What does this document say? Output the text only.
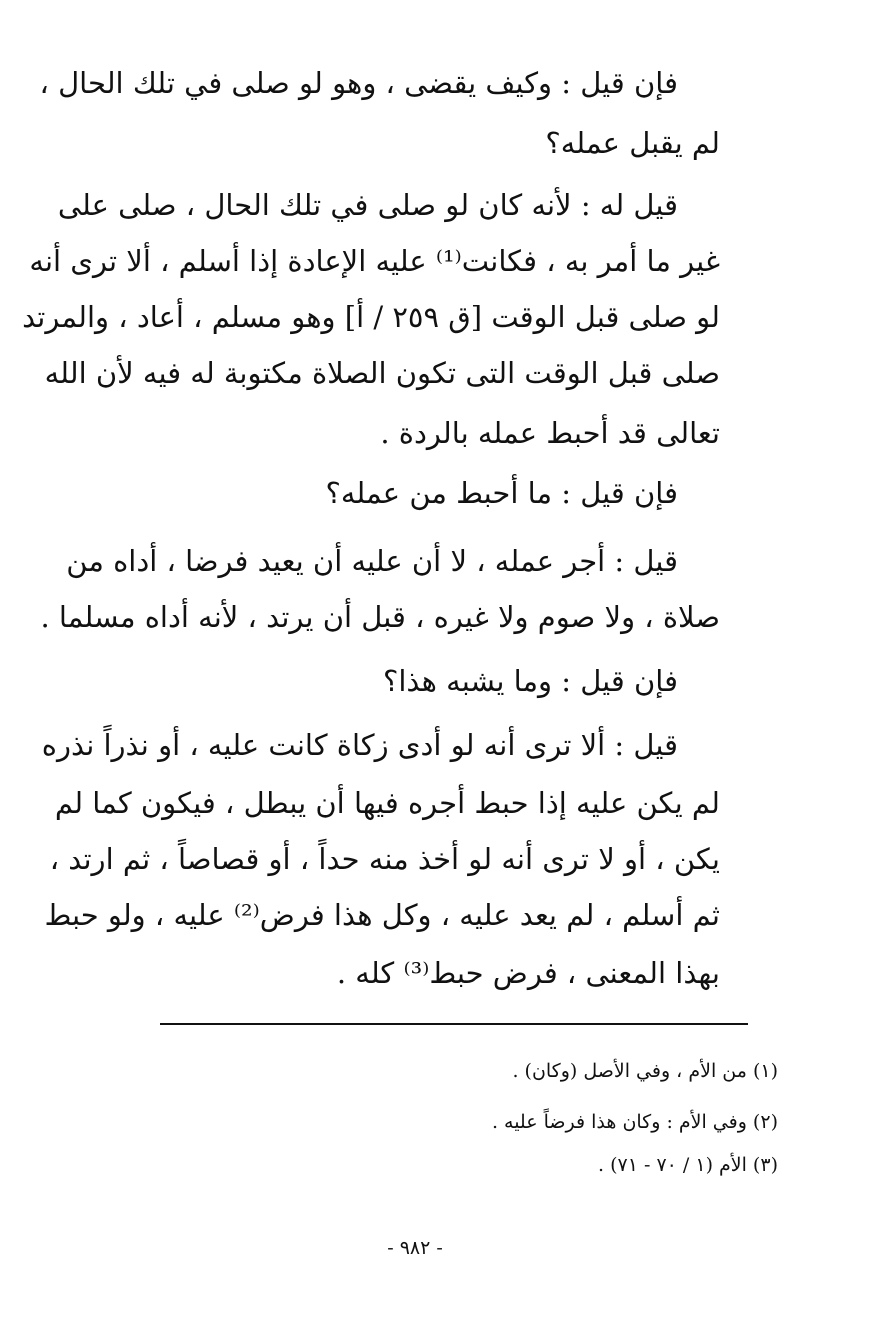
فإن قيل : وكيف يقضى ، وهو لو صلى في تلك الحال ،
لم يقبل عمله؟
قيل له : لأنه كان لو صلى في تلك الحال ، صلى على
غير ما أمر به ، فكانت⁽¹⁾ عليه الإعادة إذا أسلم ، ألا ترى أنه
لو صلى قبل الوقت [ق ٢٥٩ / أ] وهو مسلم ، أعاد ، والمرتد
صلى قبل الوقت التى تكون الصلاة مكتوبة له فيه لأن الله
تعالى قد أحبط عمله بالردة .
فإن قيل : ما أحبط من عمله؟
قيل : أجر عمله ، لا أن عليه أن يعيد فرضا ، أداه من
صلاة ، ولا صوم ولا غيره ، قبل أن يرتد ، لأنه أداه مسلما .
فإن قيل : وما يشبه هذا؟
قيل : ألا ترى أنه لو أدى زكاة كانت عليه ، أو نذراً نذره
لم يكن عليه إذا حبط أجره فيها أن يبطل ، فيكون كما لم
يكن ، أو لا ترى أنه لو أخذ منه حداً ، أو قصاصاً ، ثم ارتد ،
ثم أسلم ، لم يعد عليه ، وكل هذا فرض⁽²⁾ عليه ، ولو حبط
بهذا المعنى ، فرض حبط⁽³⁾ كله .
(١) من الأم ، وفي الأصل (وكان) .
(٢) وفي الأم : وكان هذا فرضاً عليه .
(٣) الأم (١ / ٧٠ - ٧١) .
- ٩٨٢ -
